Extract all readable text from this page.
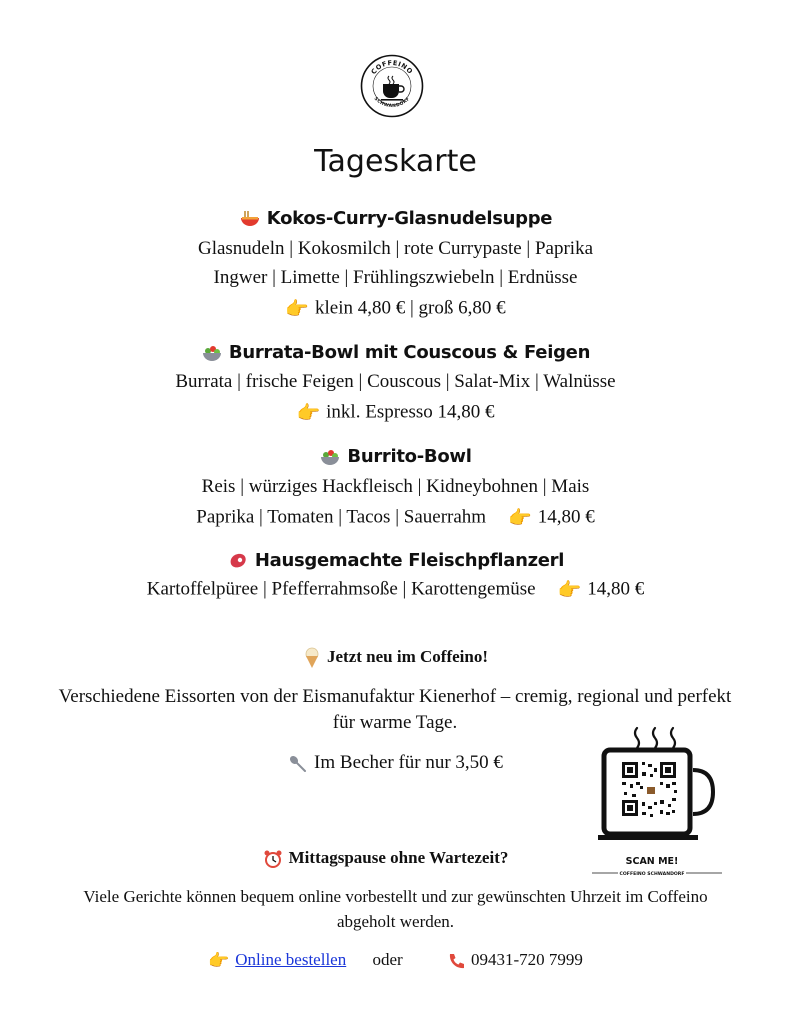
COFFEINO
SCHWANDORF
Tageskarte
Kokos-Curry-Glasnudelsuppe
Glasnudeln | Kokosmilch | rote Currypaste | Paprika
Ingwer | Limette | Frühlingszwiebeln | Erdnüsse
👉 klein 4,80 € | groß 6,80 €
Burrata-Bowl mit Couscous & Feigen
Burrata | frische Feigen | Couscous | Salat-Mix | Walnüsse
👉 inkl. Espresso 14,80 €
Burrito-Bowl
Reis | würziges Hackfleisch | Kidneybohnen | Mais
Paprika | Tomaten | Tacos | Sauerrahm 👉 14,80 €
Hausgemachte Fleischpflanzerl
Kartoffelpüree | Pfefferrahmsoße | Karottengemüse 👉 14,80 €
Jetzt neu im Coffeino!
Verschiedene Eissorten von der Eismanufaktur Kienerhof – cremig, regional und perfekt für warme Tage.
Im Becher für nur 3,50 €
SCAN ME!
COFFEINO SCHWANDORF
Mittagspause ohne Wartezeit?
Viele Gerichte können bequem online vorbestellt und zur gewünschten Uhrzeit im Coffeino abgeholt werden.
👉 Online bestellen oder	09431-720 7999
